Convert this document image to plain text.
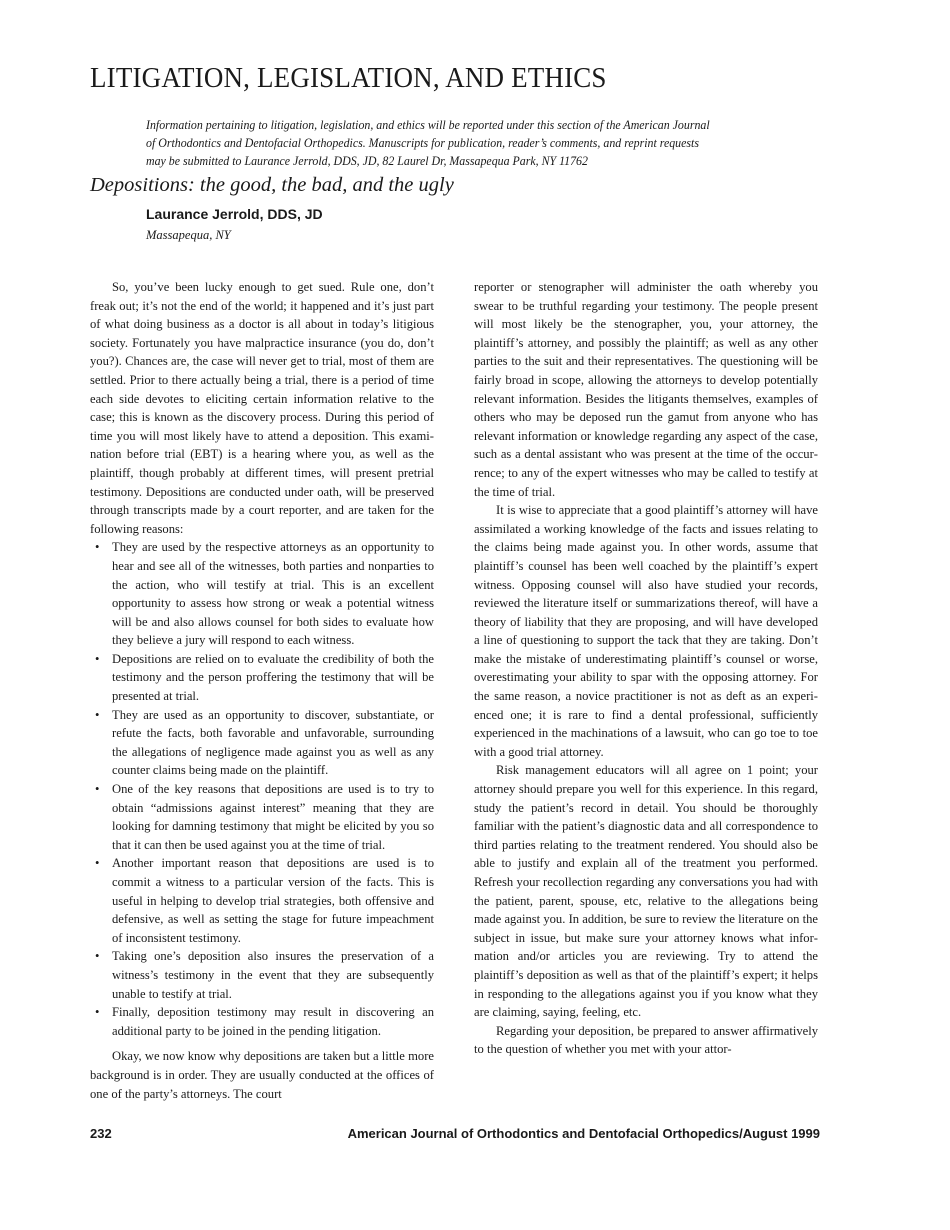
LITIGATION, LEGISLATION, AND ETHICS
Information pertaining to litigation, legislation, and ethics will be reported under this section of the American Journal
of Orthodontics and Dentofacial Orthopedics. Manuscripts for publication, reader’s comments, and reprint requests
may be submitted to Laurance Jerrold, DDS, JD, 82 Laurel Dr, Massapequa Park, NY 11762
Depositions: the good, the bad, and the ugly
Laurance Jerrold, DDS, JD
Massapequa, NY

So, you’ve been lucky enough to get sued. Rule one, don’t freak out; it’s not the end of the world; it happened and it’s just part of what doing business as a doctor is all about in today’s litigious society. Fortunately you have malpractice insurance (you do, don’t you?). Chances are, the case will never get to trial, most of them are settled. Prior to there actually being a trial, there is a period of time each side devotes to eliciting certain information relative to the case; this is known as the discovery process. During this period of time you will most likely have to attend a deposition. This examination before trial (EBT) is a hearing where you, as well as the plaintiff, though probably at different times, will present pretrial testimony. Depositions are conducted under oath, will be preserved through transcripts made by a court reporter, and are taken for the following reasons:

• They are used by the respective attorneys as an opportunity to hear and see all of the witnesses, both parties and nonparties to the action, who will testify at trial. This is an excellent opportunity to assess how strong or weak a potential witness will be and also allows counsel for both sides to evaluate how they believe a jury will respond to each witness.
• Depositions are relied on to evaluate the credibility of both the testimony and the person proffering the testimony that will be presented at trial.
• They are used as an opportunity to discover, substantiate, or refute the facts, both favorable and unfavorable, surrounding the allegations of negligence made against you as well as any counter claims being made on the plaintiff.
• One of the key reasons that depositions are used is to try to obtain “admissions against interest” meaning that they are looking for damning testimony that might be elicited by you so that it can then be used against you at the time of trial.
• Another important reason that depositions are used is to commit a witness to a particular version of the facts. This is useful in helping to develop trial strategies, both offensive and defensive, as well as setting the stage for future impeachment of inconsistent testimony.
• Taking one’s deposition also insures the preservation of a witness’s testimony in the event that they are subsequently unable to testify at trial.
• Finally, deposition testimony may result in discovering an additional party to be joined in the pending litigation.

Okay, we now know why depositions are taken but a little more background is in order. They are usually conducted at the offices of one of the party’s attorneys. The court

reporter or stenographer will administer the oath whereby you swear to be truthful regarding your testimony. The people present will most likely be the stenographer, you, your attorney, the plaintiff’s attorney, and possibly the plaintiff; as well as any other parties to the suit and their representatives. The questioning will be fairly broad in scope, allowing the attorneys to develop potentially relevant information. Besides the litigants themselves, examples of others who may be deposed run the gamut from anyone who has relevant information or knowledge regarding any aspect of the case, such as a dental assistant who was present at the time of the occurrence; to any of the expert witnesses who may be called to testify at the time of trial.

It is wise to appreciate that a good plaintiff’s attorney will have assimilated a working knowledge of the facts and issues relating to the claims being made against you. In other words, assume that plaintiff’s counsel has been well coached by the plaintiff’s expert witness. Opposing counsel will also have studied your records, reviewed the literature itself or summarizations thereof, will have a theory of liability that they are proposing, and will have developed a line of questioning to support the tack that they are taking. Don’t make the mistake of underestimating plaintiff’s counsel or worse, overestimating your ability to spar with the opposing attorney. For the same reason, a novice practitioner is not as deft as an experienced one; it is rare to find a dental professional, sufficiently experienced in the machinations of a lawsuit, who can go toe to toe with a good trial attorney.

Risk management educators will all agree on 1 point; your attorney should prepare you well for this experience. In this regard, study the patient’s record in detail. You should be thoroughly familiar with the patient’s diagnostic data and all correspondence to third parties relating to the treatment rendered. You should also be able to justify and explain all of the treatment you performed. Refresh your recollection regarding any conversations you had with the patient, parent, spouse, etc, relative to the allegations being made against you. In addition, be sure to review the literature on the subject in issue, but make sure your attorney knows what information and/or articles you are reviewing. Try to attend the plaintiff’s deposition as well as that of the plaintiff’s expert; it helps in responding to the allegations against you if you know what they are claiming, saying, feeling, etc.

Regarding your deposition, be prepared to answer affirmatively to the question of whether you met with your attor-

232	American Journal of Orthodontics and Dentofacial Orthopedics/August 1999
